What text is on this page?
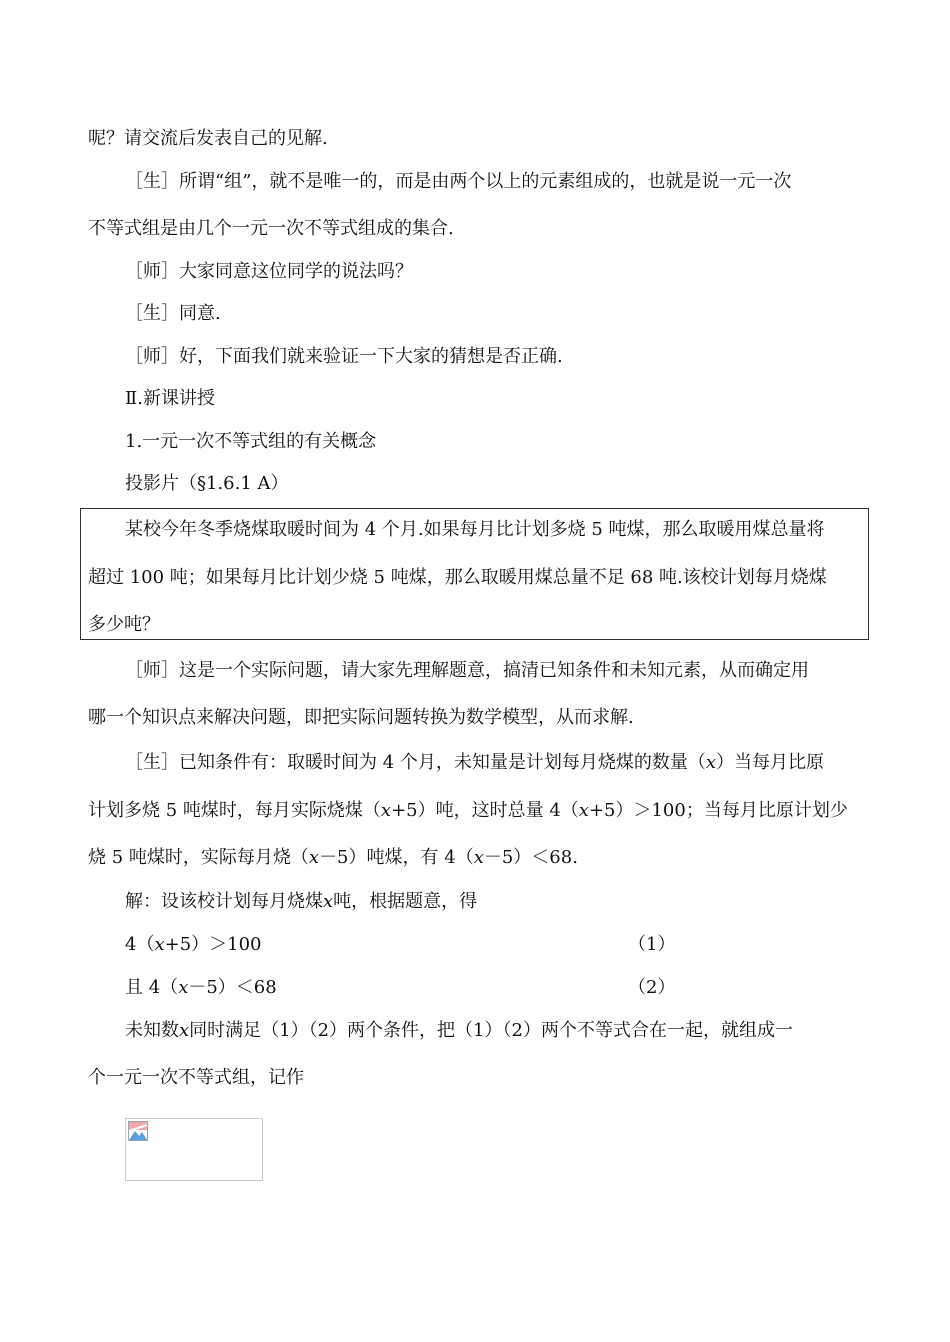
呢？请交流后发表自己的见解.
［生］所谓“组”，就不是唯一的，而是由两个以上的元素组成的，也就是说一元一次
不等式组是由几个一元一次不等式组成的集合.
［师］大家同意这位同学的说法吗？
［生］同意.
［师］好，下面我们就来验证一下大家的猜想是否正确.
Ⅱ.新课讲授
1.一元一次不等式组的有关概念
投影片（§1.6.1 A）
某校今年冬季烧煤取暖时间为 4 个月.如果每月比计划多烧 5 吨煤，那么取暖用煤总量将
超过 100 吨；如果每月比计划少烧 5 吨煤，那么取暖用煤总量不足 68 吨.该校计划每月烧煤
多少吨？
［师］这是一个实际问题，请大家先理解题意，搞清已知条件和未知元素，从而确定用
哪一个知识点来解决问题，即把实际问题转换为数学模型，从而求解.
［生］已知条件有：取暖时间为 4 个月，未知量是计划每月烧煤的数量（x）当每月比原
计划多烧 5 吨煤时，每月实际烧煤（x+5）吨，这时总量 4（x+5）＞100；当每月比原计划少
烧 5 吨煤时，实际每月烧（x－5）吨煤，有 4（x－5）＜68.
解：设该校计划每月烧煤x吨，根据题意，得
4（x+5）＞100	（1）
且 4（x－5）＜68	（2）
未知数x同时满足（1）（2）两个条件，把（1）（2）两个不等式合在一起，就组成一
个一元一次不等式组，记作
